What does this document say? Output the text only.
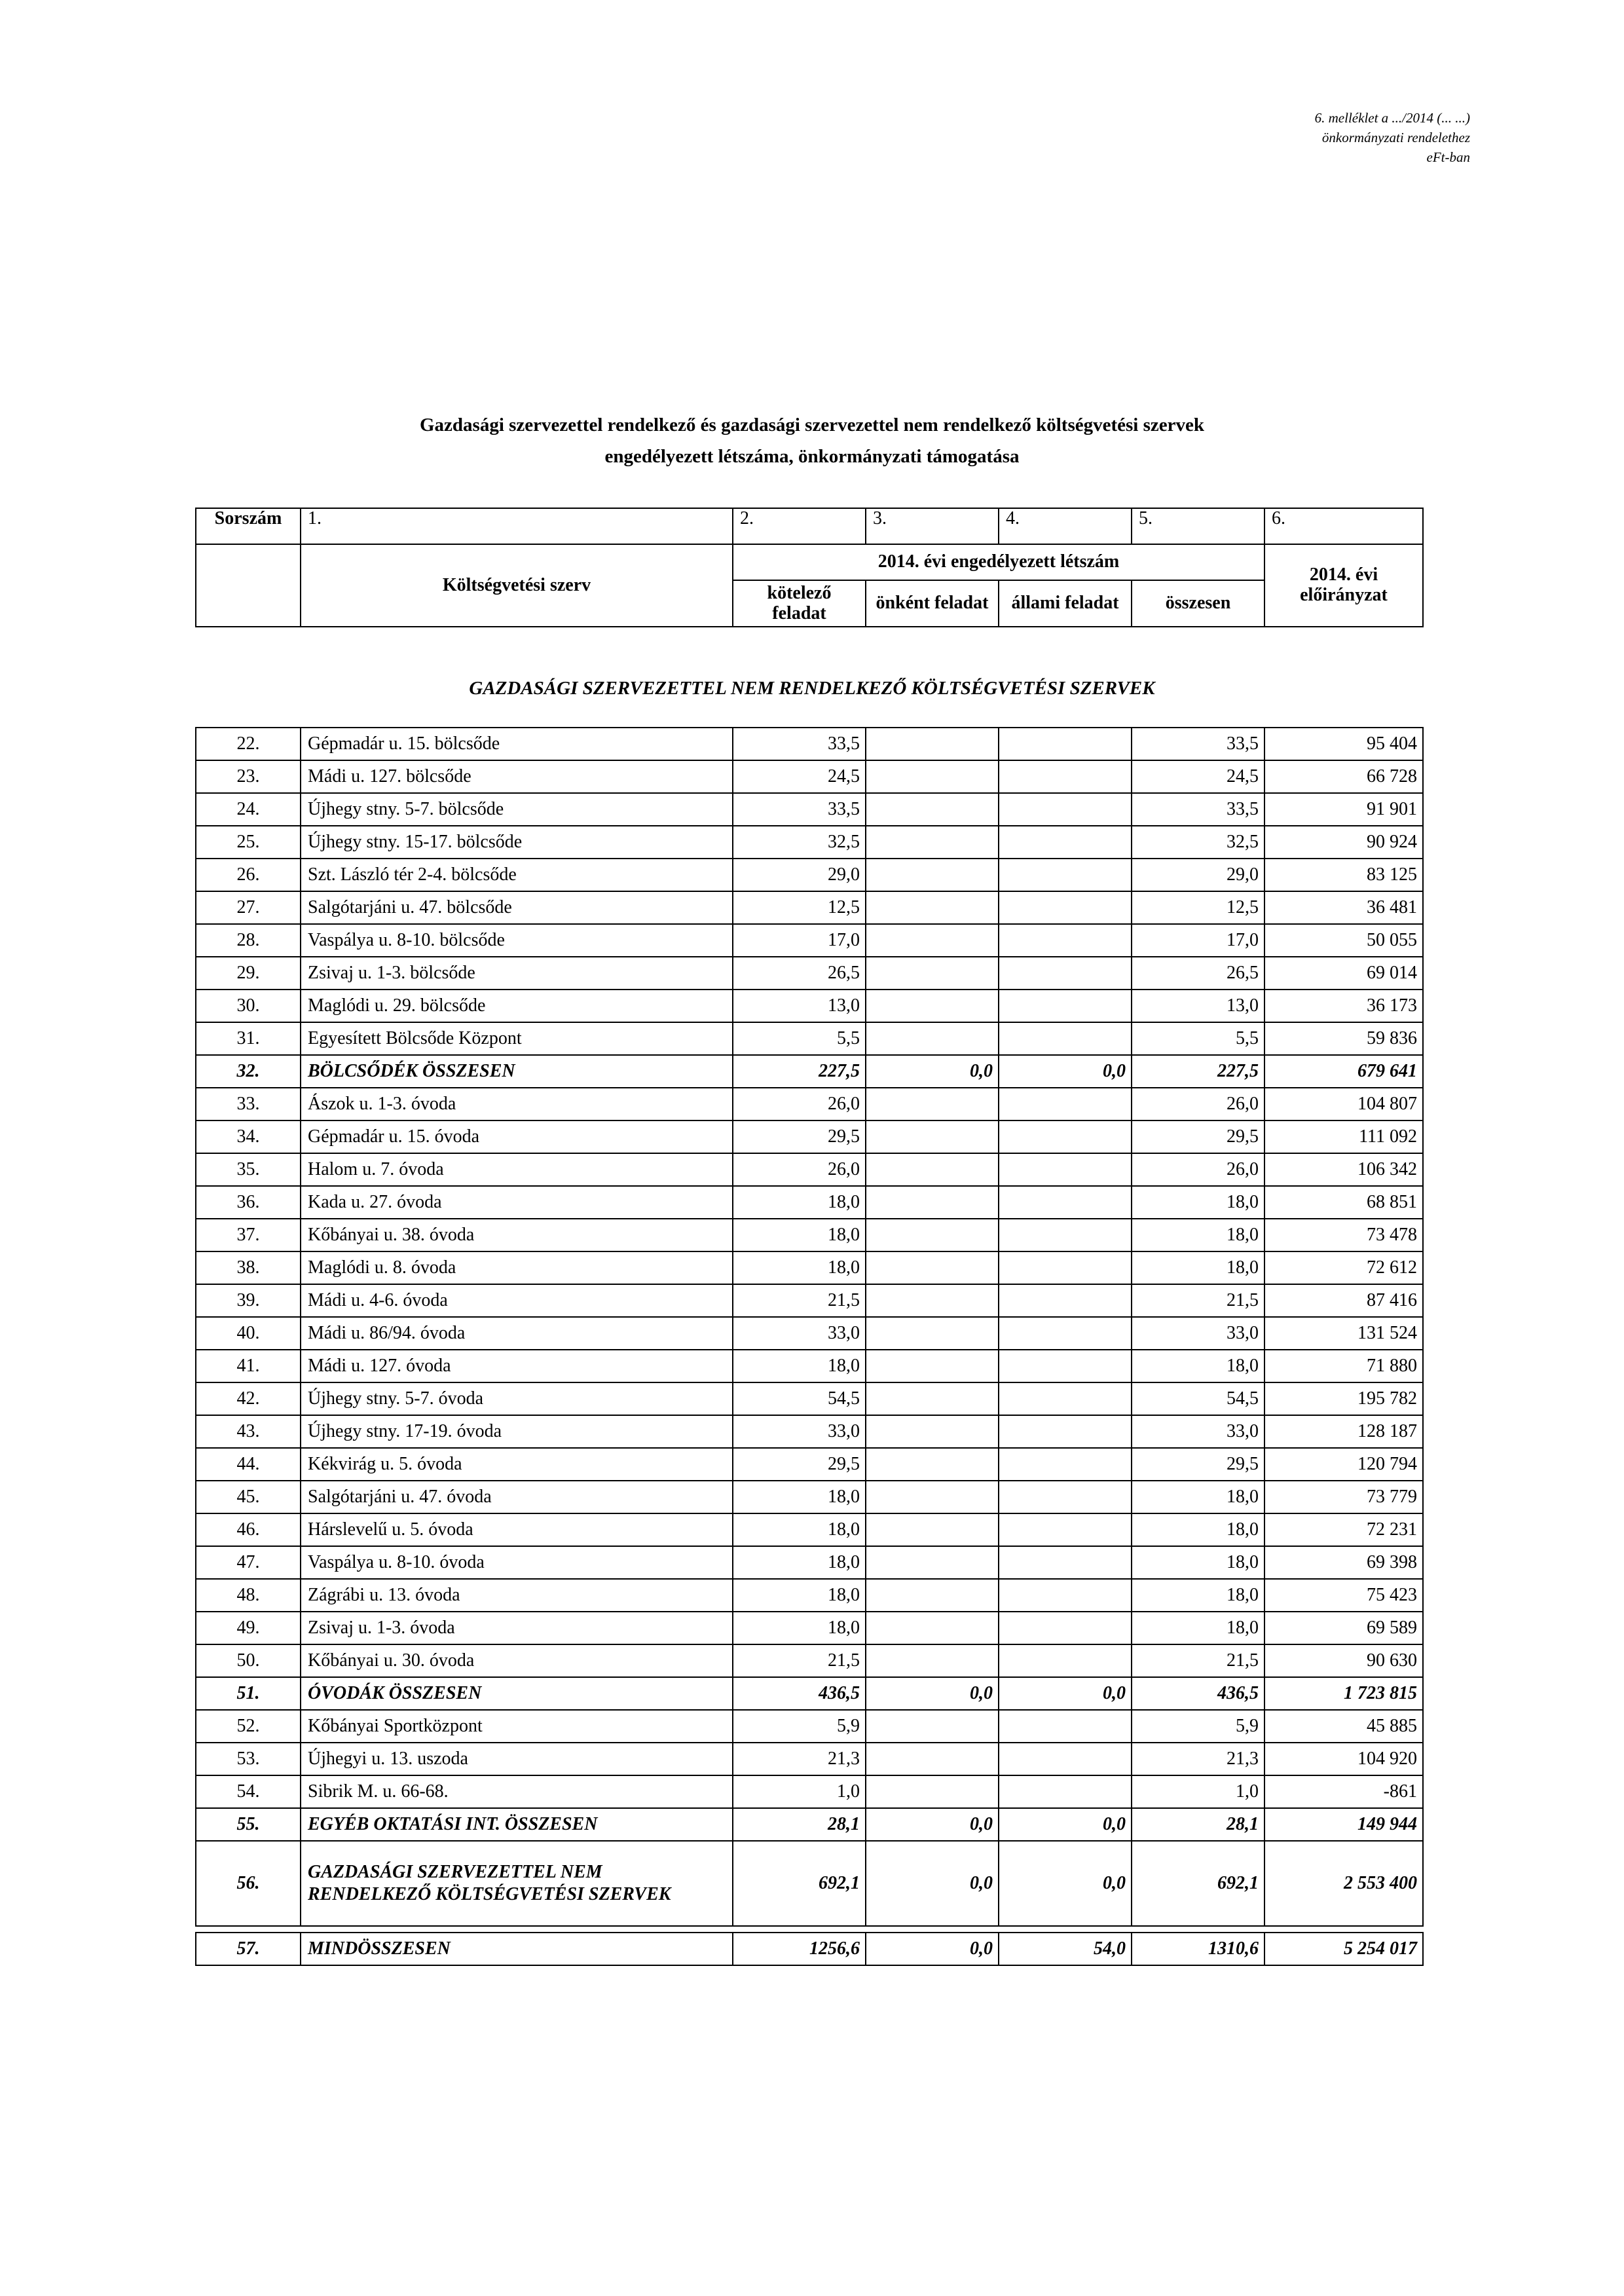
6. melléklet a .../2014 (... ...)
önkormányzati rendelethez
eFt-ban
Gazdasági szervezettel rendelkező és gazdasági szervezettel nem rendelkező költségvetési szervek
engedélyezett létszáma, önkormányzati támogatása
Sorszám	1.	2.	3.	4.	5.	6.
	Költségvetési szerv	2014. évi engedélyezett létszám				2014. évi előirányzat
		kötelező feladat	önként feladat	állami feladat	összesen	
GAZDASÁGI SZERVEZETTEL NEM RENDELKEZŐ KÖLTSÉGVETÉSI SZERVEK
22.	Gépmadár u. 15. bölcsőde	33,5			33,5	95 404
23.	Mádi u. 127. bölcsőde	24,5			24,5	66 728
24.	Újhegy stny. 5-7. bölcsőde	33,5			33,5	91 901
25.	Újhegy stny. 15-17. bölcsőde	32,5			32,5	90 924
26.	Szt. László tér 2-4. bölcsőde	29,0			29,0	83 125
27.	Salgótarjáni u. 47. bölcsőde	12,5			12,5	36 481
28.	Vaspálya u. 8-10. bölcsőde	17,0			17,0	50 055
29.	Zsivaj u. 1-3. bölcsőde	26,5			26,5	69 014
30.	Maglódi u. 29. bölcsőde	13,0			13,0	36 173
31.	Egyesített Bölcsőde Központ	5,5			5,5	59 836
32.	BÖLCSŐDÉK ÖSSZESEN	227,5	0,0	0,0	227,5	679 641
33.	Ászok u. 1-3. óvoda	26,0			26,0	104 807
34.	Gépmadár u. 15. óvoda	29,5			29,5	111 092
35.	Halom u. 7. óvoda	26,0			26,0	106 342
36.	Kada u. 27. óvoda	18,0			18,0	68 851
37.	Kőbányai u. 38. óvoda	18,0			18,0	73 478
38.	Maglódi u. 8. óvoda	18,0			18,0	72 612
39.	Mádi u. 4-6. óvoda	21,5			21,5	87 416
40.	Mádi u. 86/94. óvoda	33,0			33,0	131 524
41.	Mádi u. 127. óvoda	18,0			18,0	71 880
42.	Újhegy stny. 5-7. óvoda	54,5			54,5	195 782
43.	Újhegy stny. 17-19. óvoda	33,0			33,0	128 187
44.	Kékvirág u. 5. óvoda	29,5			29,5	120 794
45.	Salgótarjáni u. 47. óvoda	18,0			18,0	73 779
46.	Hárslevelű u. 5. óvoda	18,0			18,0	72 231
47.	Vaspálya u. 8-10. óvoda	18,0			18,0	69 398
48.	Zágrábi u. 13. óvoda	18,0			18,0	75 423
49.	Zsivaj u. 1-3. óvoda	18,0			18,0	69 589
50.	Kőbányai u. 30. óvoda	21,5			21,5	90 630
51.	ÓVODÁK ÖSSZESEN	436,5	0,0	0,0	436,5	1 723 815
52.	Kőbányai Sportközpont	5,9			5,9	45 885
53.	Újhegyi u. 13. uszoda	21,3			21,3	104 920
54.	Sibrik M. u. 66-68.	1,0			1,0	-861
55.	EGYÉB OKTATÁSI INT. ÖSSZESEN	28,1	0,0	0,0	28,1	149 944
56.	GAZDASÁGI SZERVEZETTEL NEM RENDELKEZŐ KÖLTSÉGVETÉSI SZERVEK	692,1	0,0	0,0	692,1	2 553 400

57.	MINDÖSSZESEN	1256,6	0,0	54,0	1310,6	5 254 017
